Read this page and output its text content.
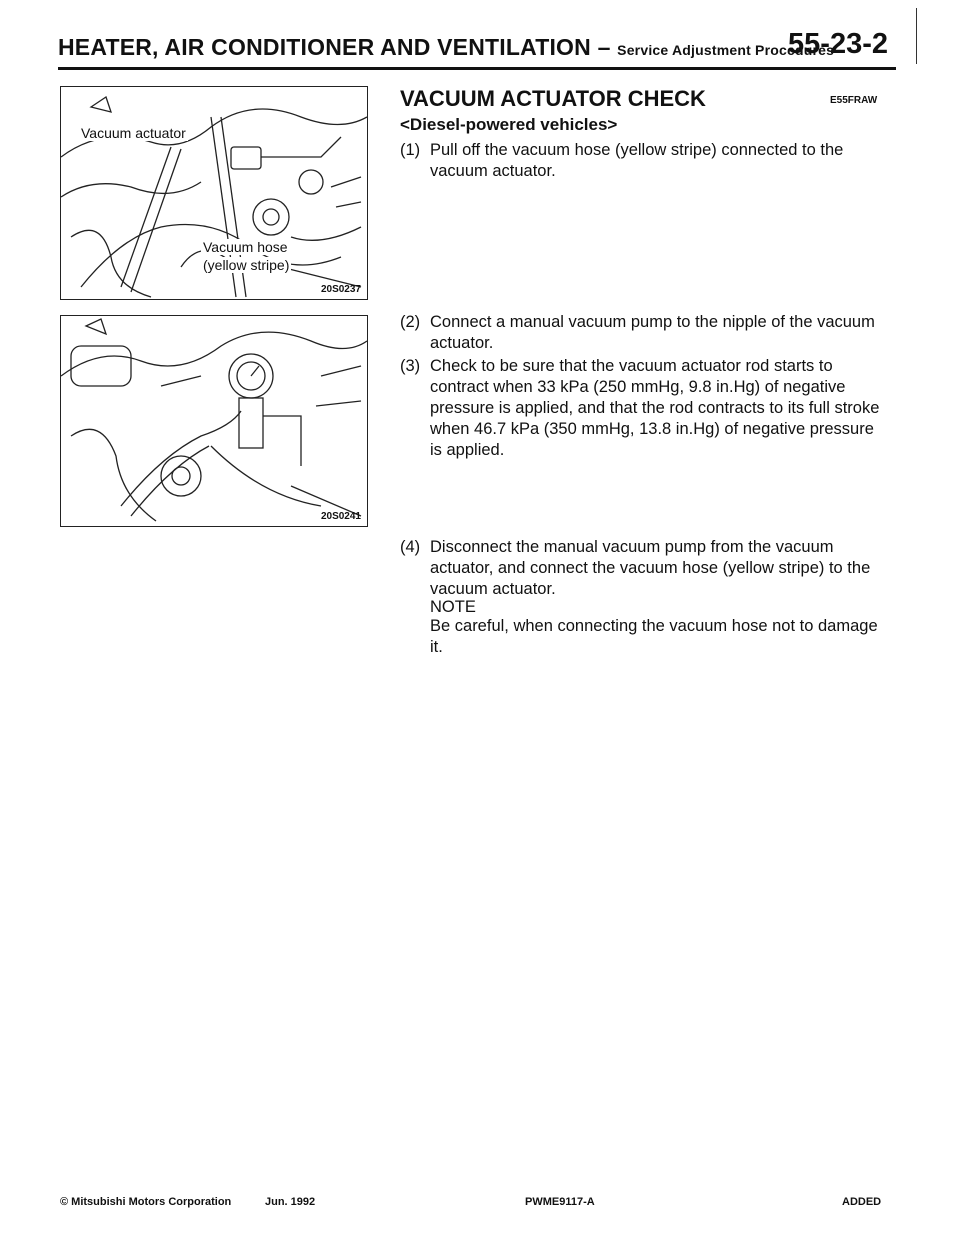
HEATER, AIR CONDITIONER AND VENTILATION – Service Adjustment Procedures
55-23-2
Vacuum actuator
Vacuum hose
(yellow stripe)
20S0237
20S0241
VACUUM ACTUATOR CHECK	E55FRAW
<Diesel-powered vehicles>
(1) Pull off the vacuum hose (yellow stripe) connected to the vacuum actuator.
(2) Connect a manual vacuum pump to the nipple of the vacuum actuator.
(3) Check to be sure that the vacuum actuator rod starts to contract when 33 kPa (250 mmHg, 9.8 in.Hg) of negative pressure is applied, and that the rod contracts to its full stroke when 46.7 kPa (350 mmHg, 13.8 in.Hg) of negative pressure is applied.
(4) Disconnect the manual vacuum pump from the vacuum actuator, and connect the vacuum hose (yellow stripe) to the vacuum actuator.
NOTE
Be careful, when connecting the vacuum hose not to damage it.
© Mitsubishi Motors Corporation	Jun. 1992	PWME9117-A	ADDED
